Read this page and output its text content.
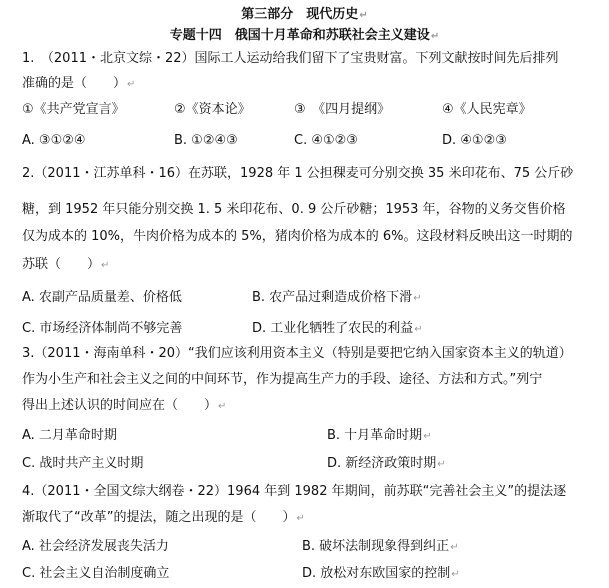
第三部分　现代历史↵
专题十四　俄国十月革命和苏联社会主义建设↵
1.　（2011・北京文综・22）国际工人运动给我们留下了宝贵财富。下列文献按时间先后排列
准确的是（　　）↵
①《共产党宣言》	②《资本论》	③　《四月提纲》	④《人民宪章》
A. ③①②④	B. ①②④③	C. ④①②③	D. ④①②③
2.（2011・江苏单科・16）在苏联，1928 年 1 公担稞麦可分别交换 35 米印花布、75 公斤砂
糖，到 1952 年只能分别交换 1. 5 米印花布、0. 9 公斤砂糖；1953 年，谷物的义务交售价格
仅为成本的 10%，牛肉价格为成本的 5%，猪肉价格为成本的 6%。这段材料反映出这一时期的
苏联（　　）↵
A. 农副产品质量差、价格低	B. 农产品过剩造成价格下滑↵
C. 市场经济体制尚不够完善	D. 工业化牺牲了农民的利益↵
3.（2011・海南单科・20）“我们应该利用资本主义（特别是要把它纳入国家资本主义的轨道）
作为小生产和社会主义之间的中间环节，作为提高生产力的手段、途径、方法和方式。”列宁
得出上述认识的时间应在（　　）↵
A. 二月革命时期	B. 十月革命时期↵
C. 战时共产主义时期	D. 新经济政策时期↵
4.（2011・全国文综大纲卷・22）1964 年到 1982 年期间，前苏联“完善社会主义”的提法逐
渐取代了“改革”的提法，随之出现的是（　　）↵
A. 社会经济发展丧失活力	B. 破坏法制现象得到纠正↵
C. 社会主义自治制度确立	D. 放松对东欧国家的控制↵
